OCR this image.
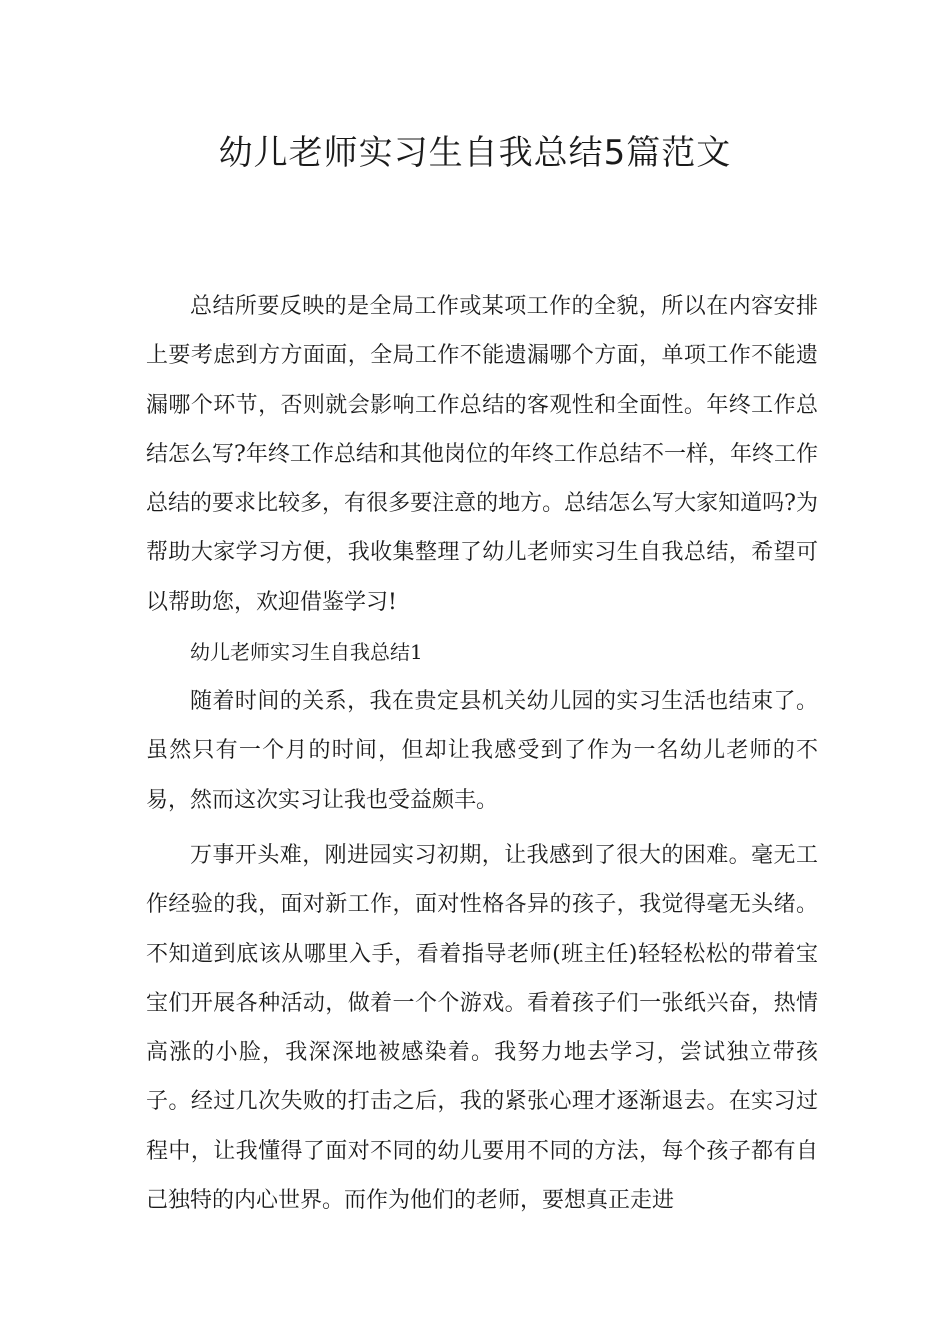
幼儿老师实习生自我总结5篇范文

总结所要反映的是全局工作或某项工作的全貌，所以在内容安排上要考虑到方方面面，全局工作不能遗漏哪个方面，单项工作不能遗漏哪个环节，否则就会影响工作总结的客观性和全面性。年终工作总结怎么写?年终工作总结和其他岗位的年终工作总结不一样，年终工作总结的要求比较多，有很多要注意的地方。总结怎么写大家知道吗?为帮助大家学习方便，我收集整理了幼儿老师实习生自我总结，希望可以帮助您，欢迎借鉴学习!

幼儿老师实习生自我总结1

随着时间的关系，我在贵定县机关幼儿园的实习生活也结束了。虽然只有一个月的时间，但却让我感受到了作为一名幼儿老师的不易，然而这次实习让我也受益颇丰。

万事开头难，刚进园实习初期，让我感到了很大的困难。毫无工作经验的我，面对新工作，面对性格各异的孩子，我觉得毫无头绪。不知道到底该从哪里入手，看着指导老师(班主任)轻轻松松的带着宝宝们开展各种活动，做着一个个游戏。看着孩子们一张纸兴奋，热情高涨的小脸，我深深地被感染着。我努力地去学习，尝试独立带孩子。经过几次失败的打击之后，我的紧张心理才逐渐退去。在实习过程中，让我懂得了面对不同的幼儿要用不同的方法，每个孩子都有自己独特的内心世界。而作为他们的老师，要想真正走进
